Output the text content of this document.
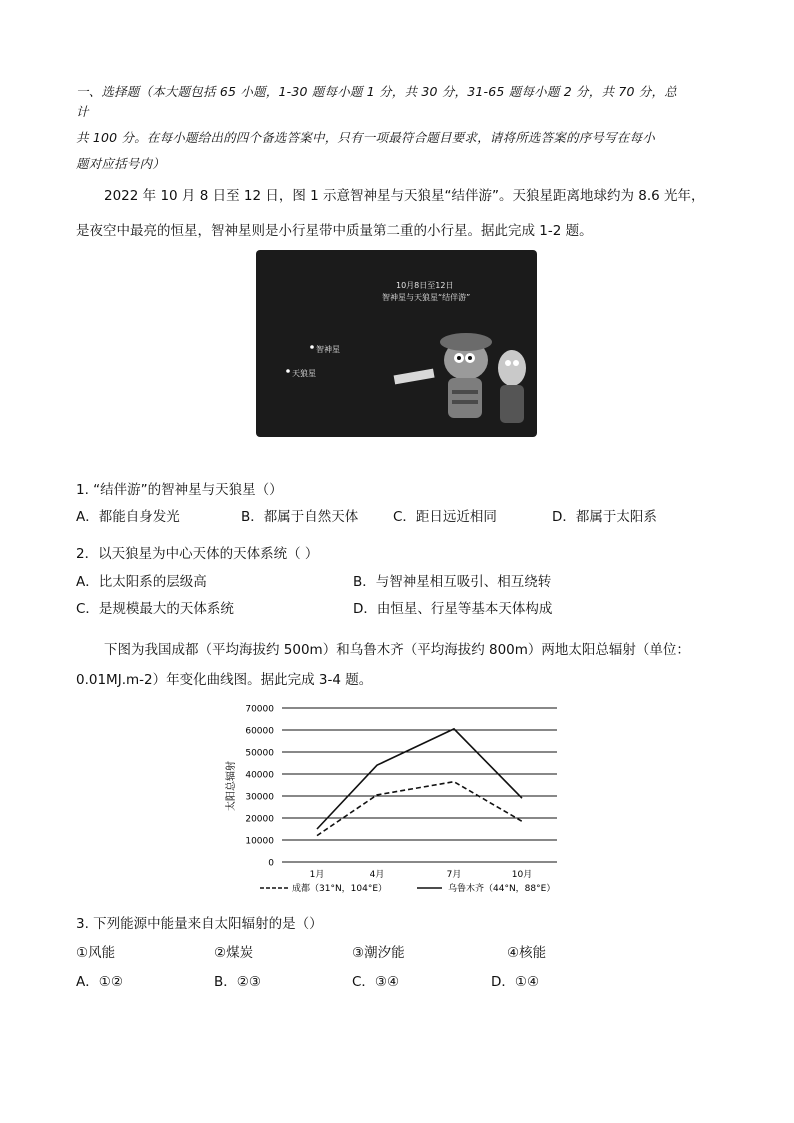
一、选择题（本大题包括 65 小题，1-30 题每小题 1 分，共 30 分，31-65 题每小题 2 分，共 70 分，总
计
共 100 分。在每小题给出的四个备选答案中，只有一项最符合题目要求，请将所选答案的序号写在每小
题对应括号内）
2022 年 10 月 8 日至 12 日，图 1 示意智神星与天狼星“结伴游”。天狼星距离地球约为 8.6 光年，
是夜空中最亮的恒星，智神星则是小行星带中质量第二重的小行星。据此完成 1-2 题。
10月8日至12日
智神星与天狼星“结伴游”
智神星
天狼星
1. “结伴游”的智神星与天狼星（）
A．都能自身发光	B．都属于自然天体	C．距日远近相同	D．都属于太阳系
2．以天狼星为中心天体的天体系统（ ）
A．比太阳系的层级高	B．与智神星相互吸引、相互绕转
C．是规模最大的天体系统	D．由恒星、行星等基本天体构成
下图为我国成都（平均海拔约 500m）和乌鲁木齐（平均海拔约 800m）两地太阳总辐射（单位：
0.01MJ.m-2）年变化曲线图。据此完成 3-4 题。
0
10000
20000
30000
40000
50000
60000
70000
1月	4月	7月	10月
太阳总辐射
成都（31°N，104°E）	乌鲁木齐（44°N，88°E）
3. 下列能源中能量来自太阳辐射的是（）
①风能	②煤炭	③潮汐能	④核能
A．①②	B．②③	C．③④	D．①④
